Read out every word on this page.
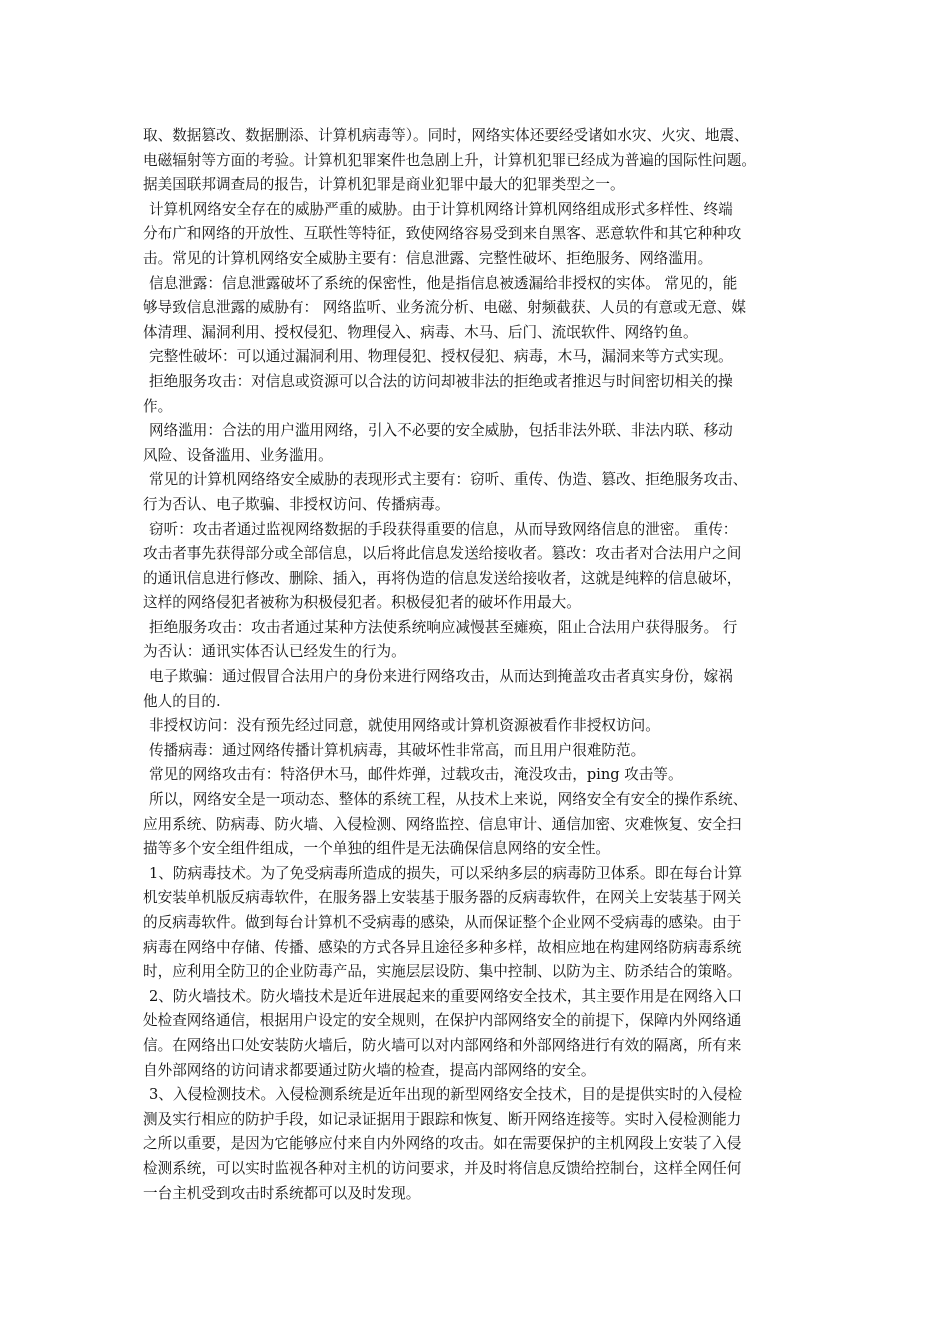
取、数据篡改、数据删添、计算机病毒等）。同时，网络实体还要经受诸如水灾、火灾、地震、
电磁辐射等方面的考验。计算机犯罪案件也急剧上升，计算机犯罪已经成为普遍的国际性问题。
据美国联邦调查局的报告，计算机犯罪是商业犯罪中最大的犯罪类型之一。
计算机网络安全存在的威胁严重的威胁。由于计算机网络计算机网络组成形式多样性、终端
分布广和网络的开放性、互联性等特征，致使网络容易受到来自黑客、恶意软件和其它种种攻
击。常见的计算机网络安全威胁主要有：信息泄露、完整性破坏、拒绝服务、网络滥用。
信息泄露：信息泄露破坏了系统的保密性，他是指信息被透漏给非授权的实体。 常见的，能
够导致信息泄露的威胁有： 网络监听、业务流分析、电磁、射频截获、人员的有意或无意、媒
体清理、漏洞利用、授权侵犯、物理侵入、病毒、木马、后门、流氓软件、网络钓鱼。
完整性破坏：可以通过漏洞利用、物理侵犯、授权侵犯、病毒，木马，漏洞来等方式实现。
拒绝服务攻击：对信息或资源可以合法的访问却被非法的拒绝或者推迟与时间密切相关的操
作。
网络滥用：合法的用户滥用网络，引入不必要的安全威胁，包括非法外联、非法内联、移动
风险、设备滥用、业务滥用。
常见的计算机网络络安全威胁的表现形式主要有：窃听、重传、伪造、篡改、拒绝服务攻击、
行为否认、电子欺骗、非授权访问、传播病毒。
窃听：攻击者通过监视网络数据的手段获得重要的信息，从而导致网络信息的泄密。 重传：
攻击者事先获得部分或全部信息，以后将此信息发送给接收者。篡改：攻击者对合法用户之间
的通讯信息进行修改、删除、插入，再将伪造的信息发送给接收者，这就是纯粹的信息破坏，
这样的网络侵犯者被称为积极侵犯者。积极侵犯者的破坏作用最大。
拒绝服务攻击：攻击者通过某种方法使系统响应减慢甚至瘫痪，阻止合法用户获得服务。 行
为否认：通讯实体否认已经发生的行为。
电子欺骗：通过假冒合法用户的身份来进行网络攻击，从而达到掩盖攻击者真实身份，嫁祸
他人的目的.
非授权访问：没有预先经过同意，就使用网络或计算机资源被看作非授权访问。
传播病毒：通过网络传播计算机病毒，其破坏性非常高，而且用户很难防范。
常见的网络攻击有：特洛伊木马，邮件炸弹，过载攻击，淹没攻击，ping 攻击等。
所以，网络安全是一项动态、整体的系统工程，从技术上来说，网络安全有安全的操作系统、
应用系统、防病毒、防火墙、入侵检测、网络监控、信息审计、通信加密、灾难恢复、安全扫
描等多个安全组件组成，一个单独的组件是无法确保信息网络的安全性。
1、防病毒技术。为了免受病毒所造成的损失，可以采纳多层的病毒防卫体系。即在每台计算
机安装单机版反病毒软件，在服务器上安装基于服务器的反病毒软件，在网关上安装基于网关
的反病毒软件。做到每台计算机不受病毒的感染，从而保证整个企业网不受病毒的感染。由于
病毒在网络中存储、传播、感染的方式各异且途径多种多样，故相应地在构建网络防病毒系统
时，应利用全防卫的企业防毒产品，实施层层设防、集中控制、以防为主、防杀结合的策略。
2、防火墙技术。防火墙技术是近年进展起来的重要网络安全技术，其主要作用是在网络入口
处检查网络通信，根据用户设定的安全规则，在保护内部网络安全的前提下，保障内外网络通
信。在网络出口处安装防火墙后，防火墙可以对内部网络和外部网络进行有效的隔离，所有来
自外部网络的访问请求都要通过防火墙的检查，提高内部网络的安全。
3、入侵检测技术。入侵检测系统是近年出现的新型网络安全技术，目的是提供实时的入侵检
测及实行相应的防护手段，如记录证据用于跟踪和恢复、断开网络连接等。实时入侵检测能力
之所以重要，是因为它能够应付来自内外网络的攻击。如在需要保护的主机网段上安装了入侵
检测系统，可以实时监视各种对主机的访问要求，并及时将信息反馈给控制台，这样全网任何
一台主机受到攻击时系统都可以及时发现。
